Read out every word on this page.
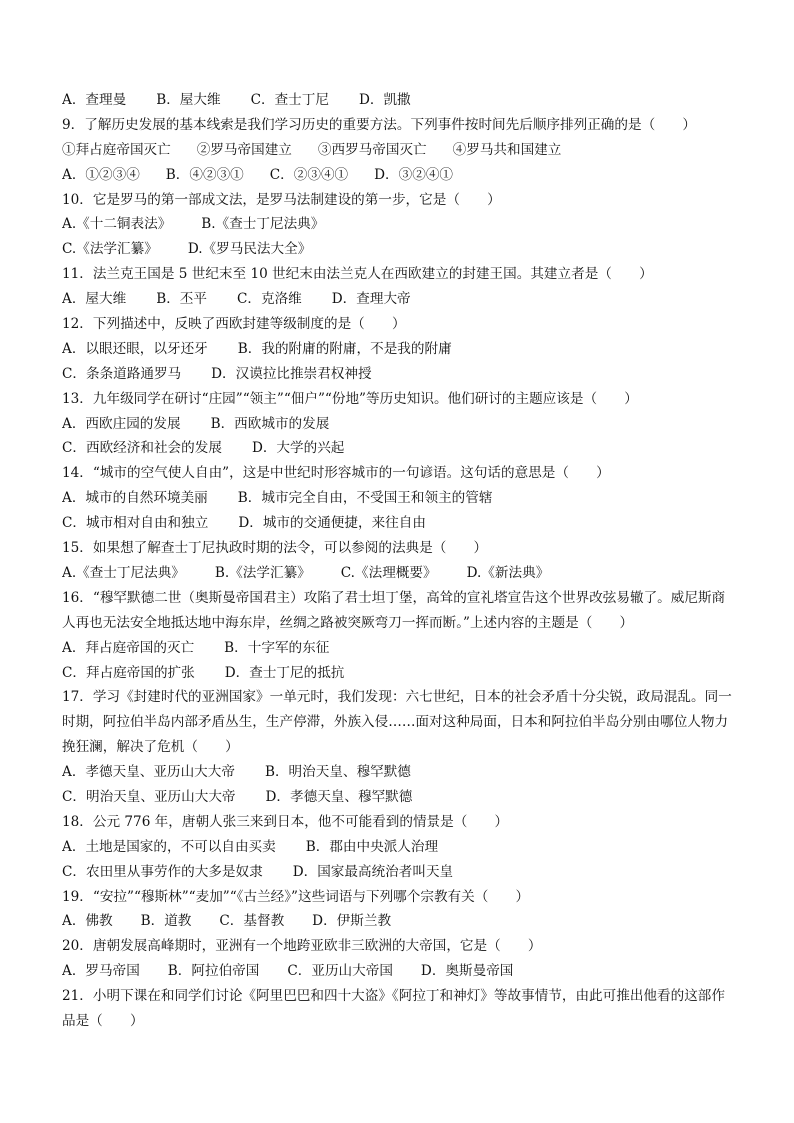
A．查理曼 B．屋大维 C．查士丁尼 D．凯撒
9．了解历史发展的基本线索是我们学习历史的重要方法。下列事件按时间先后顺序排列正确的是（　　）
①拜占庭帝国灭亡 ②罗马帝国建立 ③西罗马帝国灭亡 ④罗马共和国建立
A．①②③④ B．④②③① C．②③④① D．③②④①
10．它是罗马的第一部成文法，是罗马法制建设的第一步，它是（　　）
A.《十二铜表法》 B.《查士丁尼法典》
C.《法学汇纂》 D.《罗马民法大全》
11．法兰克王国是 5 世纪末至 10 世纪末由法兰克人在西欧建立的封建王国。其建立者是（　　）
A．屋大维 B．丕平 C．克洛维 D．查理大帝
12．下列描述中，反映了西欧封建等级制度的是（　　）
A．以眼还眼，以牙还牙 B．我的附庸的附庸，不是我的附庸
C．条条道路通罗马 D．汉谟拉比推崇君权神授
13．九年级同学在研讨“庄园”“领主”“佃户”“份地”等历史知识。他们研讨的主题应该是（　　）
A．西欧庄园的发展 B．西欧城市的发展
C．西欧经济和社会的发展 D．大学的兴起
14．“城市的空气使人自由”，这是中世纪时形容城市的一句谚语。这句话的意思是（　　）
A．城市的自然环境美丽 B．城市完全自由，不受国王和领主的管辖
C．城市相对自由和独立 D．城市的交通便捷，来往自由
15．如果想了解查士丁尼执政时期的法令，可以参阅的法典是（　　）
A.《查士丁尼法典》 B.《法学汇纂》 C.《法理概要》 D.《新法典》
16．“穆罕默德二世（奥斯曼帝国君主）攻陷了君士坦丁堡，高耸的宣礼塔宣告这个世界改弦易辙了。威尼斯商人再也无法安全地抵达地中海东岸，丝绸之路被突厥弯刀一挥而断。”上述内容的主题是（　　）
A．拜占庭帝国的灭亡 B．十字军的东征
C．拜占庭帝国的扩张 D．查士丁尼的抵抗
17．学习《封建时代的亚洲国家》一单元时，我们发现：六七世纪，日本的社会矛盾十分尖锐，政局混乱。同一时期，阿拉伯半岛内部矛盾丛生，生产停滞，外族入侵……面对这种局面，日本和阿拉伯半岛分别由哪位人物力挽狂澜，解决了危机（　　）
A．孝德天皇、亚历山大大帝 B．明治天皇、穆罕默德
C．明治天皇、亚历山大大帝 D．孝德天皇、穆罕默德
18．公元 776 年，唐朝人张三来到日本，他不可能看到的情景是（　　）
A．土地是国家的，不可以自由买卖 B．郡由中央派人治理
C．农田里从事劳作的大多是奴隶 D．国家最高统治者叫天皇
19．“安拉”“穆斯林”“麦加”“《古兰经》”这些词语与下列哪个宗教有关（　　）
A．佛教 B．道教 C．基督教 D．伊斯兰教
20．唐朝发展高峰期时，亚洲有一个地跨亚欧非三欧洲的大帝国，它是（　　）
A．罗马帝国 B．阿拉伯帝国 C．亚历山大帝国 D．奥斯曼帝国
21．小明下课在和同学们讨论《阿里巴巴和四十大盗》《阿拉丁和神灯》等故事情节，由此可推出他看的这部作品是（　　）
